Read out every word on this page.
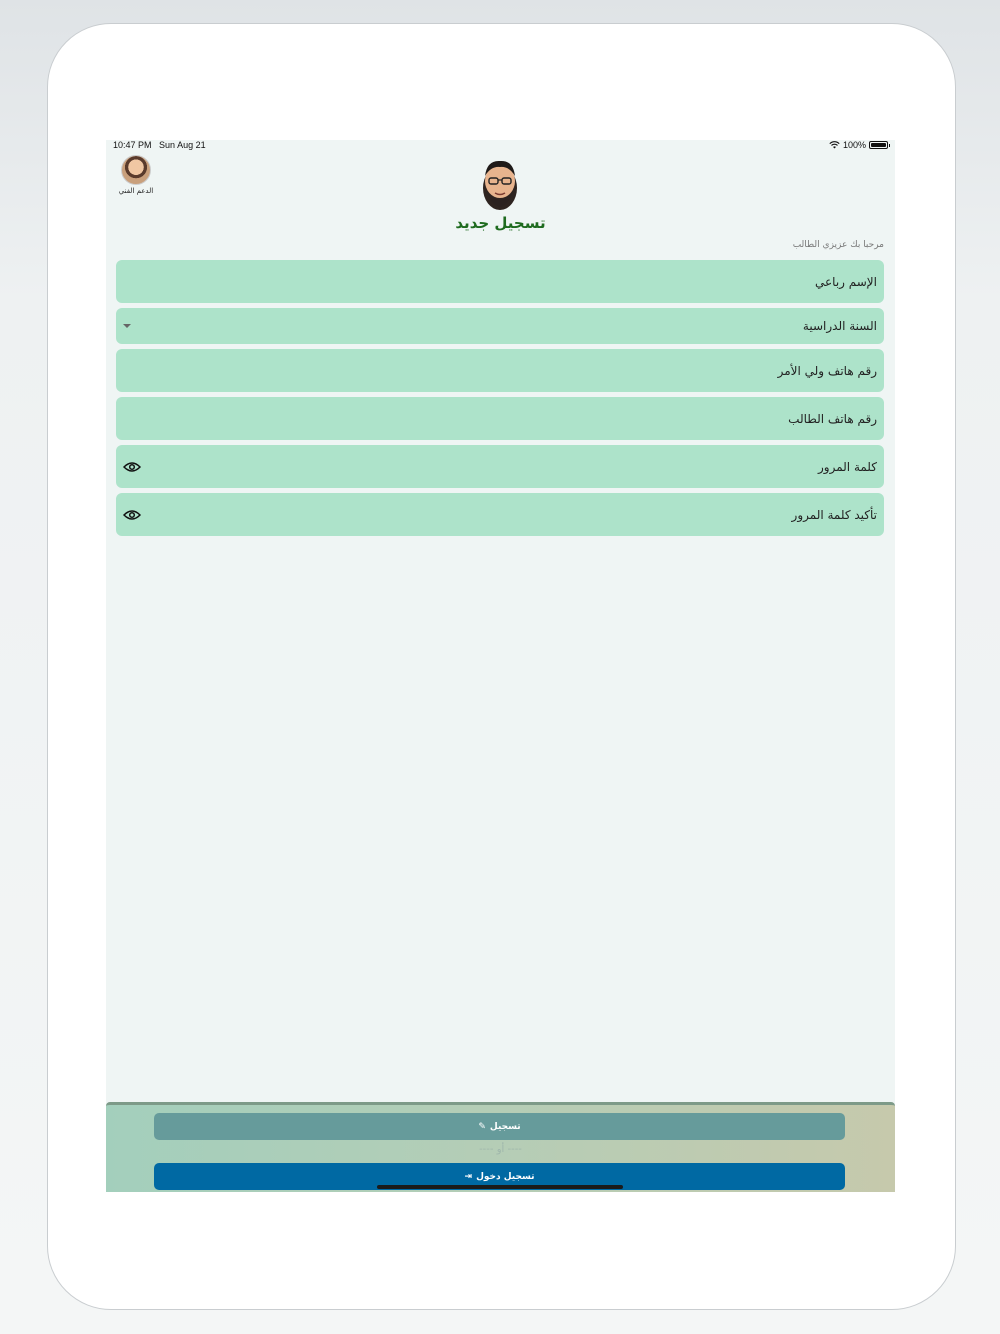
10:47 PM Sun Aug 21	100%
الدعم الفني
تسجيل جديد
مرحبا بك عزيزي الطالب
الإسم رباعي
السنة الدراسية
رقم هاتف ولي الأمر
رقم هاتف الطالب
كلمة المرور
تأكيد كلمة المرور
تسجيل
✎
---- أو ----
تسجيل دخول
⇥
